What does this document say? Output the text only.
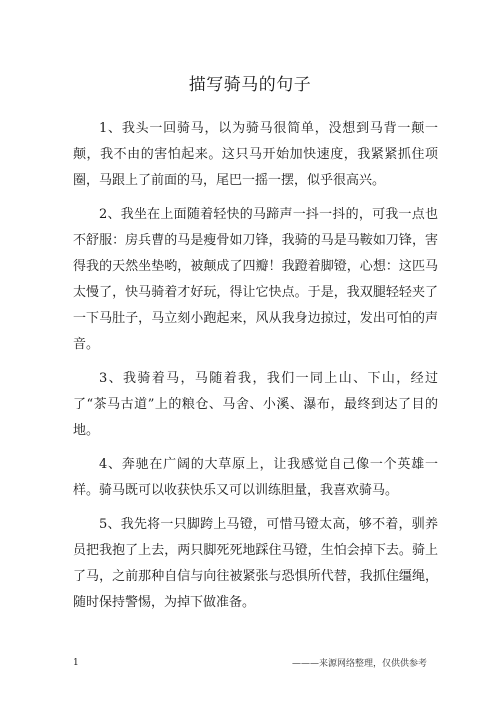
描写骑马的句子

1、我头一回骑马，以为骑马很简单，没想到马背一颠一颠，我不由的害怕起来。这只马开始加快速度，我紧紧抓住项圈，马跟上了前面的马，尾巴一摇一摆，似乎很高兴。

2、我坐在上面随着轻快的马蹄声一抖一抖的，可我一点也不舒服：房兵曹的马是瘦骨如刀锋，我骑的马是马鞍如刀锋，害得我的天然坐垫哟，被颠成了四瓣！我蹬着脚镫，心想：这匹马太慢了，快马骑着才好玩，得让它快点。于是，我双腿轻轻夹了一下马肚子，马立刻小跑起来，风从我身边掠过，发出可怕的声音。

3、我骑着马，马随着我，我们一同上山、下山，经过了“茶马古道”上的粮仓、马舍、小溪、瀑布，最终到达了目的地。

4、奔驰在广阔的大草原上，让我感觉自己像一个英雄一样。骑马既可以收获快乐又可以训练胆量，我喜欢骑马。

5、我先将一只脚跨上马镫，可惜马镫太高，够不着，驯养员把我抱了上去，两只脚死死地踩住马镫，生怕会掉下去。骑上了马，之前那种自信与向往被紧张与恐惧所代替，我抓住缰绳，随时保持警惕，为掉下做准备。

1	———来源网络整理，仅供供参考
